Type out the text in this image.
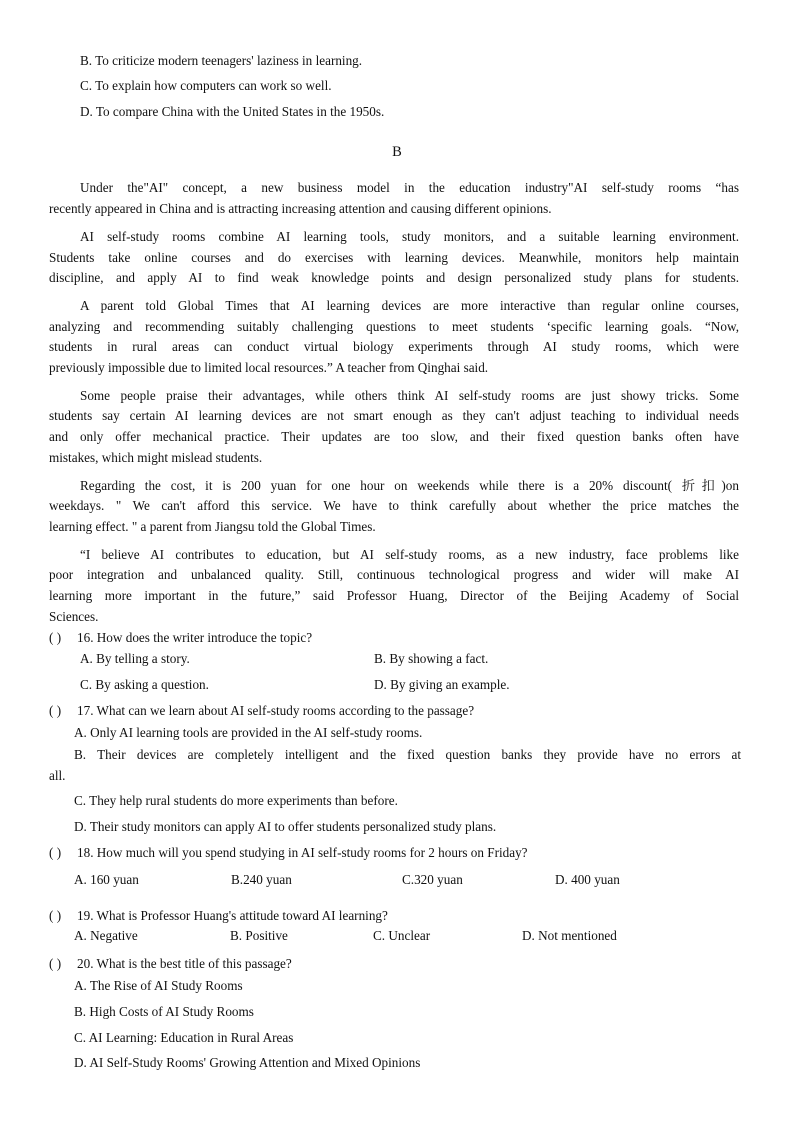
B. To criticize modern teenagers' laziness in learning.
C. To explain how computers can work so well.
D. To compare China with the United States in the 1950s.
B
Under the"AI" concept, a new business model in the education industry"AI self-study rooms “has
recently appeared in China and is attracting increasing attention and causing different opinions.
AI self-study rooms combine AI learning tools, study monitors, and a suitable learning environment.
Students take online courses and do exercises with learning devices. Meanwhile, monitors help maintain
discipline, and apply AI to find weak knowledge points and design personalized study plans for students.
A parent told Global Times that AI learning devices are more interactive than regular online courses,
analyzing and recommending suitably challenging questions to meet students ‘specific learning goals. “Now,
students in rural areas can conduct virtual biology experiments through AI study rooms, which were
previously impossible due to limited local resources.” A teacher from Qinghai said.
Some people praise their advantages, while others think AI self-study rooms are just showy tricks. Some
students say certain AI learning devices are not smart enough as they can't adjust teaching to individual needs
and only offer mechanical practice. Their updates are too slow, and their fixed question banks often have
mistakes, which might mislead students.
Regarding the cost, it is 200 yuan for one hour on weekends while there is a 20% discount( 折扣)on
weekdays. " We can't afford this service. We have to think carefully about whether the price matches the
learning effect. " a parent from Jiangsu told the Global Times.
“I believe AI contributes to education, but AI self-study rooms, as a new industry, face problems like
poor integration and unbalanced quality. Still, continuous technological progress and wider will make AI
learning more important in the future,” said Professor Huang, Director of the Beijing Academy of Social
Sciences.
( ) 16. How does the writer introduce the topic?
A. By telling a story.	B. By showing a fact.
C. By asking a question.	D. By giving an example.
( ) 17. What can we learn about AI self-study rooms according to the passage?
A. Only AI learning tools are provided in the AI self-study rooms.
B. Their devices are completely intelligent and the fixed question banks they provide have no errors at
all.
C. They help rural students do more experiments than before.
D. Their study monitors can apply AI to offer students personalized study plans.
( ) 18. How much will you spend studying in AI self-study rooms for 2 hours on Friday?
A. 160 yuan	B.240 yuan	C.320 yuan	D. 400 yuan
( ) 19. What is Professor Huang's attitude toward AI learning?
A. Negative	B. Positive	C. Unclear	D. Not mentioned
( ) 20. What is the best title of this passage?
A. The Rise of AI Study Rooms
B. High Costs of AI Study Rooms
C. AI Learning: Education in Rural Areas
D. AI Self-Study Rooms' Growing Attention and Mixed Opinions
